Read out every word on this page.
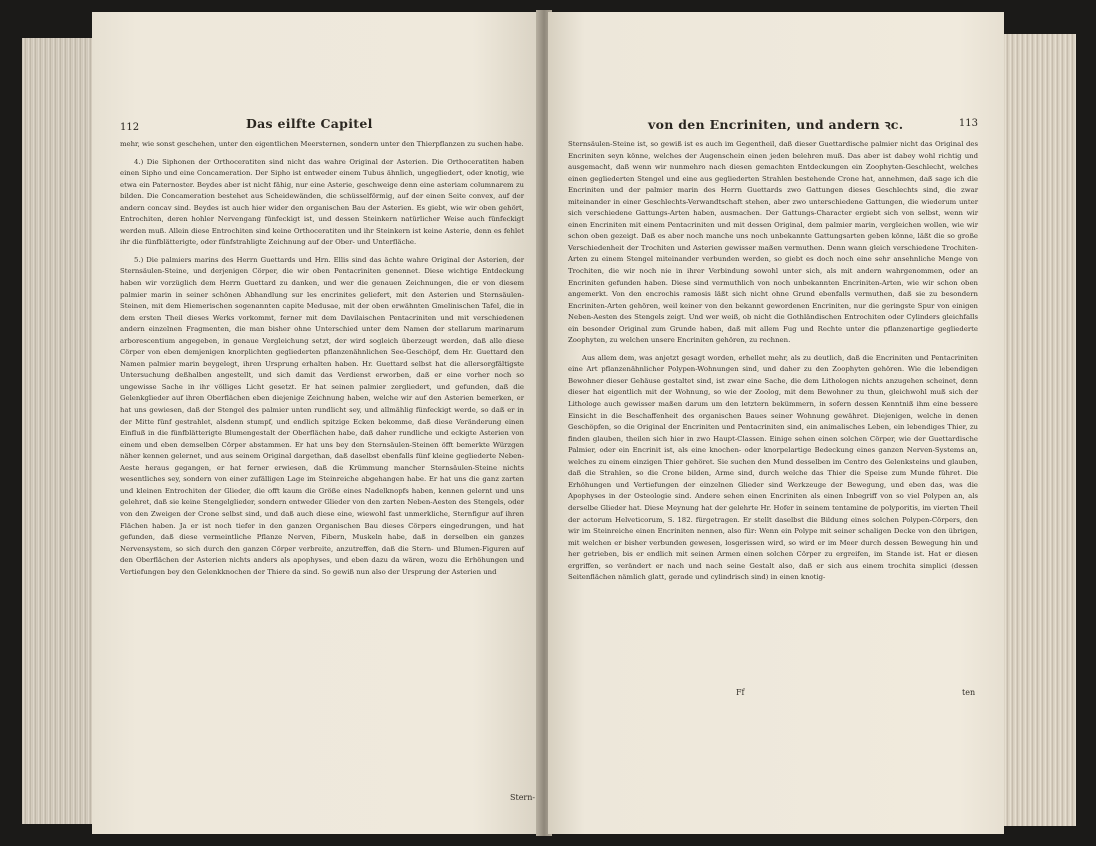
112	Das eilfte Capitel

mehr, wie sonst geschehen, unter den eigentlichen Meersternen, sondern unter den Thierpflanzen zu suchen habe.

4.) Die Siphonen der Orthoceratiten sind nicht das wahre Original der Asterien. Die Orthoceratiten haben einen Sipho und eine Concameration. Der Sipho ist entweder einem Tubus ähnlich, ungegliedert, oder knotig, wie etwa ein Paternoster. Beydes aber ist nicht fähig, nur eine Asterie, geschweige denn eine asteriam columnarem zu bilden. Die Concameration bestehet aus Scheidewänden, die schüsselförmig, auf der einen Seite convex, auf der andern concav sind. Beydes ist auch hier wider den organischen Bau der Asterien. Es giebt, wie wir oben gehört, Entrochiten, deren hohler Nervengang fünfeckigt ist, und dessen Steinkern natürlicher Weise auch fünfeckigt werden muß. Allein diese Entrochiten sind keine Orthoceratiten und ihr Steinkern ist keine Asterie, denn es fehlet ihr die fünfblätterigte, oder fünfstrahligte Zeichnung auf der Ober- und Unterfläche.

5.) Die palmiers marins des Herrn Guettards und Hrn. Ellis sind das ächte wahre Original der Asterien, der Sternsäulen-Steine, und derjenigen Cörper, die wir oben Pentacriniten genennet. Diese wichtige Entdeckung haben wir vorzüglich dem Herrn Guettard zu danken, und wer die genauen Zeichnungen, die er von diesem palmier marin in seiner schönen Abhandlung sur les encrinites geliefert, mit den Asterien und Sternsäulen-Steinen, mit dem Hiemerischen sogenannten capite Medusae, mit der oben erwähnten Gmelinischen Tafel, die in dem ersten Theil dieses Werks vorkommt, ferner mit dem Davilaischen Pentacriniten und mit verschiedenen andern einzelnen Fragmenten, die man bisher ohne Unterschied unter dem Namen der stellarum marinarum arborescentium angegeben, in genaue Vergleichung setzt, der wird sogleich überzeugt werden, daß alle diese Cörper von eben demjenigen knorplichten gegliederten pflanzenähnlichen See-Geschöpf, dem Hr. Guettard den Namen palmier marin beygelegt, ihren Ursprung erhalten haben. Hr. Guettard selbst hat die allersorgfältigste Untersuchung deßhalben angestellt, und sich damit das Verdienst erworben, daß er eine vorher noch so ungewisse Sache in ihr völliges Licht gesetzt. Er hat seinen palmier zergliedert, und gefunden, daß die Gelenkglieder auf ihren Oberflächen eben diejenige Zeichnung haben, welche wir auf den Asterien bemerken, er hat uns gewiesen, daß der Stengel des palmier unten rundlicht sey, und allmählig fünfeckigt werde, so daß er in der Mitte fünf gestrahlet, alsdenn stumpf, und endlich spitzige Ecken bekomme, daß diese Veränderung einen Einfluß in die fünfblätterigte Blumengestalt der Oberflächen habe, daß daher rundliche und eckigte Asterien von einem und eben demselben Cörper abstammen. Er hat uns bey den Sternsäulen-Steinen öfft bemerkte Würzgen näher kennen gelernet, und aus seinem Original dargethan, daß daselbst ebenfalls fünf kleine gegliederte Neben-Aeste heraus gegangen, er hat ferner erwiesen, daß die Krümmung mancher Sternsäulen-Steine nichts wesentliches sey, sondern von einer zufälligen Lage im Steinreiche abgehangen habe. Er hat uns die ganz zarten und kleinen Entrochiten der Glieder, die offt kaum die Größe eines Nadelknopfs haben, kennen gelernt und uns gelehret, daß sie keine Stengelglieder, sondern entweder Glieder von den zarten Neben-Aesten des Stengels, oder von den Zweigen der Crone selbst sind, und daß auch diese eine, wiewohl fast unmerkliche, Sternfigur auf ihren Flächen haben. Ja er ist noch tiefer in den ganzen Organischen Bau dieses Cörpers eingedrungen, und hat gefunden, daß diese vermeintliche Pflanze Nerven, Fibern, Muskeln habe, daß in derselben ein ganzes Nervensystem, so sich durch den ganzen Cörper verbreite, anzutreffen, daß die Stern- und Blumen-Figuren auf den Oberflächen der Asterien nichts anders als apophyses, und eben dazu da wären, wozu die Erhöhungen und Vertiefungen bey den Gelenkknochen der Thiere da sind. So gewiß nun also der Ursprung der Asterien und

Stern-
von den Encriniten, und andern ꝛc.	113

Sternsäulen-Steine ist, so gewiß ist es auch im Gegentheil, daß dieser Guettardische palmier nicht das Original des Encriniten seyn könne, welches der Augenschein einen jeden belehren muß. Das aber ist dabey wohl richtig und ausgemacht, daß wenn wir nunmehro nach diesen gemachten Entdeckungen ein Zoophyten-Geschlecht, welches einen gegliederten Stengel und eine aus gegliederten Strahlen bestehende Crone hat, annehmen, daß sage ich die Encriniten und der palmier marin des Herrn Guettards zwo Gattungen dieses Geschlechts sind, die zwar miteinander in einer Geschlechts-Verwandtschaft stehen, aber zwo unterschiedene Gattungen, die wiederum unter sich verschiedene Gattungs-Arten haben, ausmachen. Der Gattungs-Character ergiebt sich von selbst, wenn wir einen Encriniten mit einem Pentacriniten und mit dessen Original, dem palmier marin, vergleichen wollen, wie wir schon oben gezeigt. Daß es aber noch manche uns noch unbekannte Gattungsarten geben könne, läßt die so große Verschiedenheit der Trochiten und Asterien gewisser maßen vermuthen. Denn wann gleich verschiedene Trochiten-Arten zu einem Stengel miteinander verbunden werden, so giebt es doch noch eine sehr ansehnliche Menge von Trochiten, die wir noch nie in ihrer Verbindung sowohl unter sich, als mit andern wahrgenommen, oder an Encriniten gefunden haben. Diese sind vermuthlich von noch unbekannten Encriniten-Arten, wie wir schon oben angemerkt. Von den encrochis ramosis läßt sich nicht ohne Grund ebenfalls vermuthen, daß sie zu besondern Encriniten-Arten gehören, weil keiner von den bekannt gewordenen Encriniten, nur die geringste Spur von einigen Neben-Aesten des Stengels zeigt. Und wer weiß, ob nicht die Gothländischen Entrochiten oder Cylinders gleichfalls ein besonder Original zum Grunde haben, daß mit allem Fug und Rechte unter die pflanzenartige gegliederte Zoophyten, zu welchen unsere Encriniten gehören, zu rechnen.

Aus allem dem, was anjetzt gesagt worden, erhellet mehr, als zu deutlich, daß die Encriniten und Pentacriniten eine Art pflanzenähnlicher Polypen-Wohnungen sind, und daher zu den Zoophyten gehören. Wie die lebendigen Bewohner dieser Gehäuse gestaltet sind, ist zwar eine Sache, die dem Lithologen nichts anzugehen scheinet, denn dieser hat eigentlich mit der Wohnung, so wie der Zoolog, mit dem Bewohner zu thun, gleichwohl muß sich der Lithologe auch gewisser maßen darum um den letztern bekümmern, in sofern dessen Kenntniß ihm eine bessere Einsicht in die Beschaffenheit des organischen Baues seiner Wohnung gewähret. Diejenigen, welche in denen Geschöpfen, so die Original der Encriniten und Pentacriniten sind, ein animalisches Leben, ein lebendiges Thier, zu finden glauben, theilen sich hier in zwo Haupt-Classen. Einige sehen einen solchen Cörper, wie der Guettardische Palmier, oder ein Encrinit ist, als eine knochen- oder knorpelartige Bedeckung eines ganzen Nerven-Systems an, welches zu einem einzigen Thier gehöret. Sie suchen den Mund desselben im Centro des Gelenksteins und glauben, daß die Strahlen, so die Crone bilden, Arme sind, durch welche das Thier die Speise zum Munde führet. Die Erhöhungen und Vertiefungen der einzelnen Glieder sind Werkzeuge der Bewegung, und eben das, was die Apophyses in der Osteologie sind. Andere sehen einen Encriniten als einen Inbegriff von so viel Polypen an, als derselbe Glieder hat. Diese Meynung hat der gelehrte Hr. Hofer in seinem tentamine de polyporitis, im vierten Theil der actorum Helveticorum, S. 182. fürgetragen. Er stellt daselbst die Bildung eines solchen Polypen-Cörpers, den wir im Steinreiche einen Encriniten nennen, also für: Wenn ein Polype mit seiner schaligen Decke von den übrigen, mit welchen er bisher verbunden gewesen, losgerissen wird, so wird er im Meer durch dessen Bewegung hin und her getrieben, bis er endlich mit seinen Armen einen solchen Cörper zu ergreifen, im Stande ist. Hat er diesen ergriffen, so verändert er nach und nach seine Gestalt also, daß er sich aus einem trochita simplici (dessen Seitenflächen nämlich glatt, gerade und cylindrisch sind) in einen knotig-

Ff	ten
